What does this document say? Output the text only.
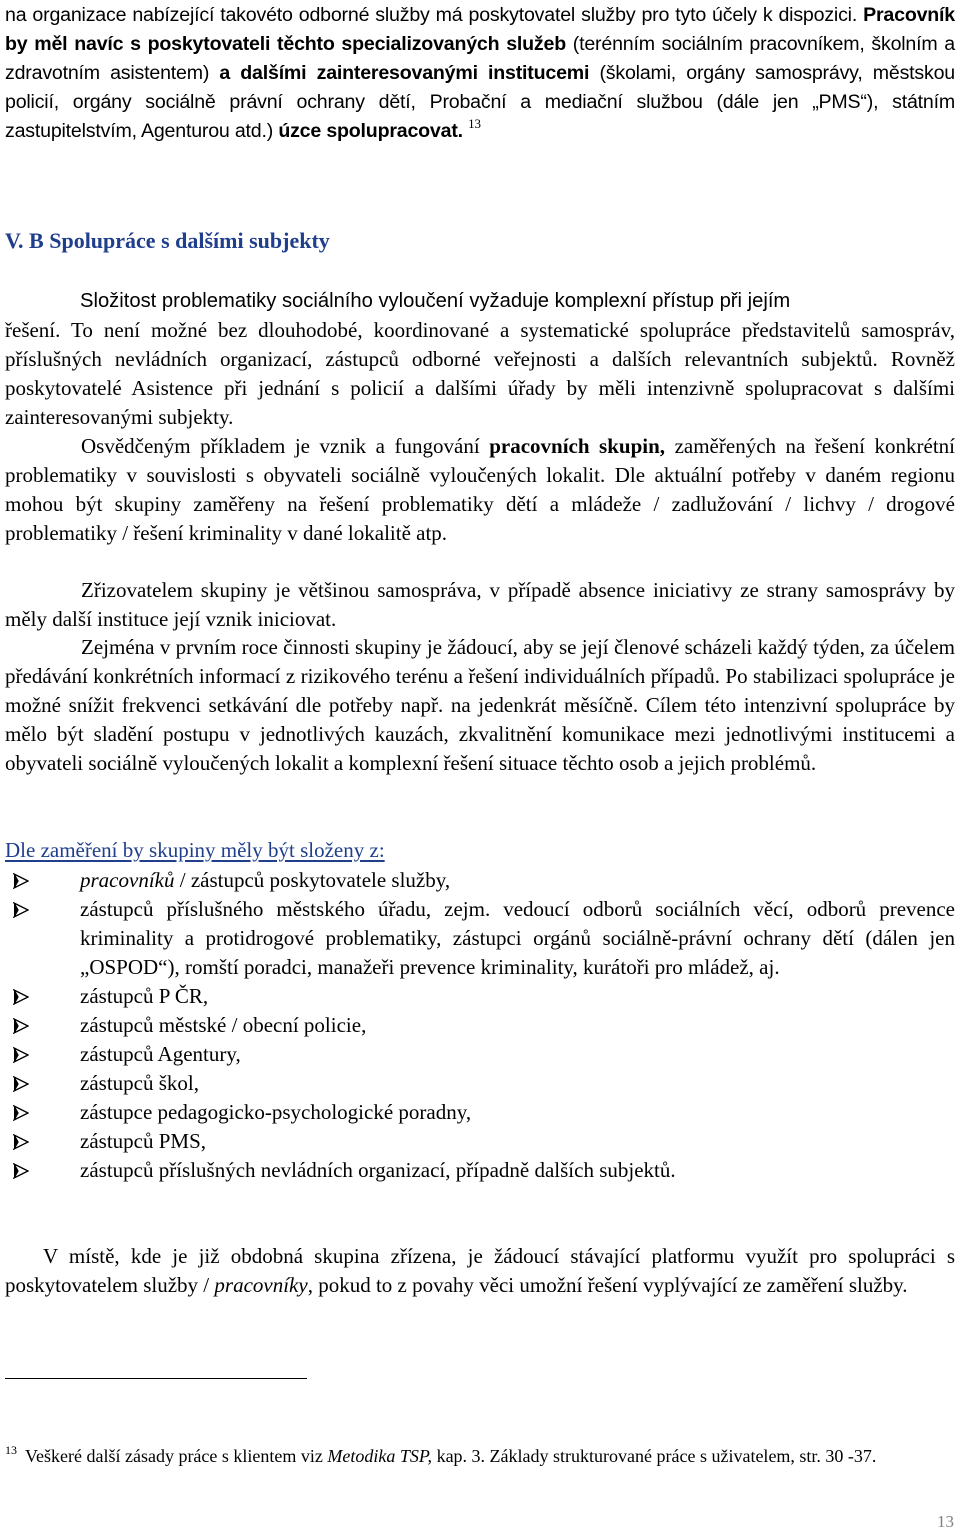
na organizace nabízející takovéto odborné služby má poskytovatel služby pro tyto účely k dispozici. Pracovník by měl navíc s poskytovateli těchto specializovaných služeb (terénním sociálním pracovníkem, školním a zdravotním asistentem) a dalšími zainteresovanými institucemi (školami, orgány samosprávy, městskou policií, orgány sociálně právní ochrany dětí, Probační a mediační službou (dále jen „PMS“), státním zastupitelstvím, Agenturou atd.) úzce spolupracovat. $^{13}$
V. B Spolupráce s dalšími subjekty

Složitost problematiky sociálního vyloučení vyžaduje komplexní přístup při jejím

řešení. To není možné bez dlouhodobé, koordinované a systematické spolupráce představitelů samospráv, příslušných nevládních organizací, zástupců odborné veřejnosti a dalších relevantních subjektů. Rovněž poskytovatelé Asistence při jednání s policií a dalšími úřady by měli intenzivně spolupracovat s dalšími zainteresovanými subjekty.

Osvědčeným příkladem je vznik a fungování pracovních skupin, zaměřených na řešení konkrétní problematiky v souvislosti s obyvateli sociálně vyloučených lokalit. Dle aktuální potřeby v daném regionu mohou být skupiny zaměřeny na řešení problematiky dětí a mládeže / zadlužování / lichvy / drogové problematiky / řešení kriminality v dané lokalitě atp.

Zřizovatelem skupiny je většinou samospráva, v případě absence iniciativy ze strany samosprávy by měly další instituce její vznik iniciovat.

Zejména v prvním roce činnosti skupiny je žádoucí, aby se její členové scházeli každý týden, za účelem předávání konkrétních informací z rizikového terénu a řešení individuálních případů. Po stabilizaci spolupráce je možné snížit frekvenci setkávání dle potřeby např. na jedenkrát měsíčně. Cílem této intenzivní spolupráce by mělo být sladění postupu v jednotlivých kauzách, zkvalitnění komunikace mezi jednotlivými institucemi a obyvateli sociálně vyloučených lokalit a komplexní řešení situace těchto osob a jejich problémů.

Dle zaměření by skupiny měly být složeny z:
pracovníků / zástupců poskytovatele služby,
zástupců příslušného městského úřadu, zejm. vedoucí odborů sociálních věcí, odborů prevence kriminality a protidrogové problematiky, zástupci orgánů sociálně-právní ochrany dětí (dálen jen „OSPOD“), romští poradci, manažeři prevence kriminality, kurátoři pro mládež, aj.
zástupců P ČR,
zástupců městské / obecní policie,
zástupců Agentury,
zástupců škol,
zástupce pedagogicko-psychologické poradny,
zástupců PMS,
zástupců příslušných nevládních organizací, případně dalších subjektů.

V místě, kde je již obdobná skupina zřízena, je žádoucí stávající platformu využít pro spolupráci s poskytovatelem služby / pracovníky, pokud to z povahy věci umožní řešení vyplývající ze zaměření služby.

13 Veškeré další zásady práce s klientem viz Metodika TSP, kap. 3. Základy strukturované práce s uživatelem, str. 30 -37.
13
